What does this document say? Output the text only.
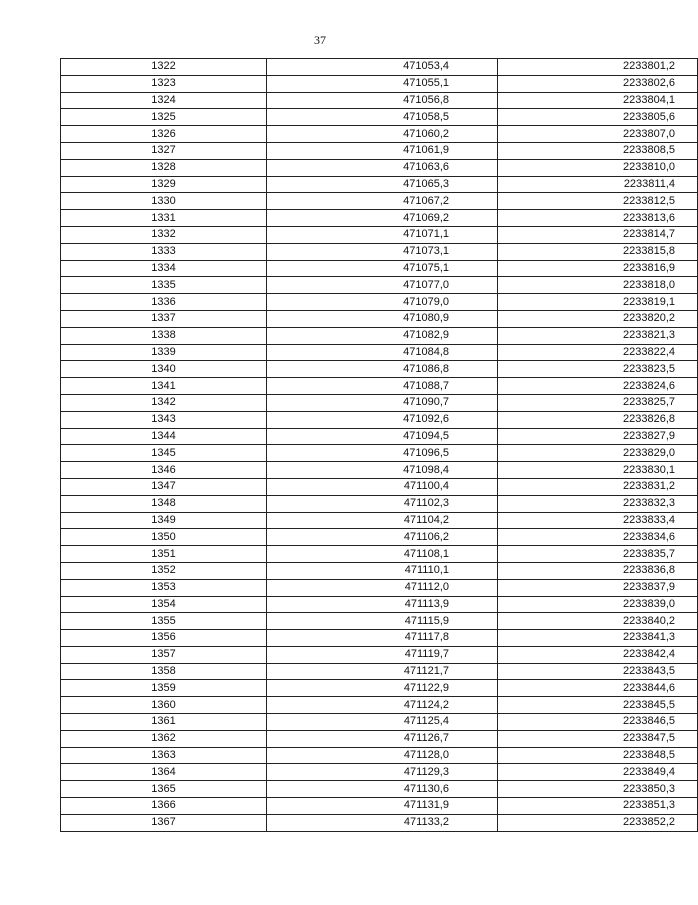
37
1322	471053,4	2233801,2
1323	471055,1	2233802,6
1324	471056,8	2233804,1
1325	471058,5	2233805,6
1326	471060,2	2233807,0
1327	471061,9	2233808,5
1328	471063,6	2233810,0
1329	471065,3	2233811,4
1330	471067,2	2233812,5
1331	471069,2	2233813,6
1332	471071,1	2233814,7
1333	471073,1	2233815,8
1334	471075,1	2233816,9
1335	471077,0	2233818,0
1336	471079,0	2233819,1
1337	471080,9	2233820,2
1338	471082,9	2233821,3
1339	471084,8	2233822,4
1340	471086,8	2233823,5
1341	471088,7	2233824,6
1342	471090,7	2233825,7
1343	471092,6	2233826,8
1344	471094,5	2233827,9
1345	471096,5	2233829,0
1346	471098,4	2233830,1
1347	471100,4	2233831,2
1348	471102,3	2233832,3
1349	471104,2	2233833,4
1350	471106,2	2233834,6
1351	471108,1	2233835,7
1352	471110,1	2233836,8
1353	471112,0	2233837,9
1354	471113,9	2233839,0
1355	471115,9	2233840,2
1356	471117,8	2233841,3
1357	471119,7	2233842,4
1358	471121,7	2233843,5
1359	471122,9	2233844,6
1360	471124,2	2233845,5
1361	471125,4	2233846,5
1362	471126,7	2233847,5
1363	471128,0	2233848,5
1364	471129,3	2233849,4
1365	471130,6	2233850,3
1366	471131,9	2233851,3
1367	471133,2	2233852,2
